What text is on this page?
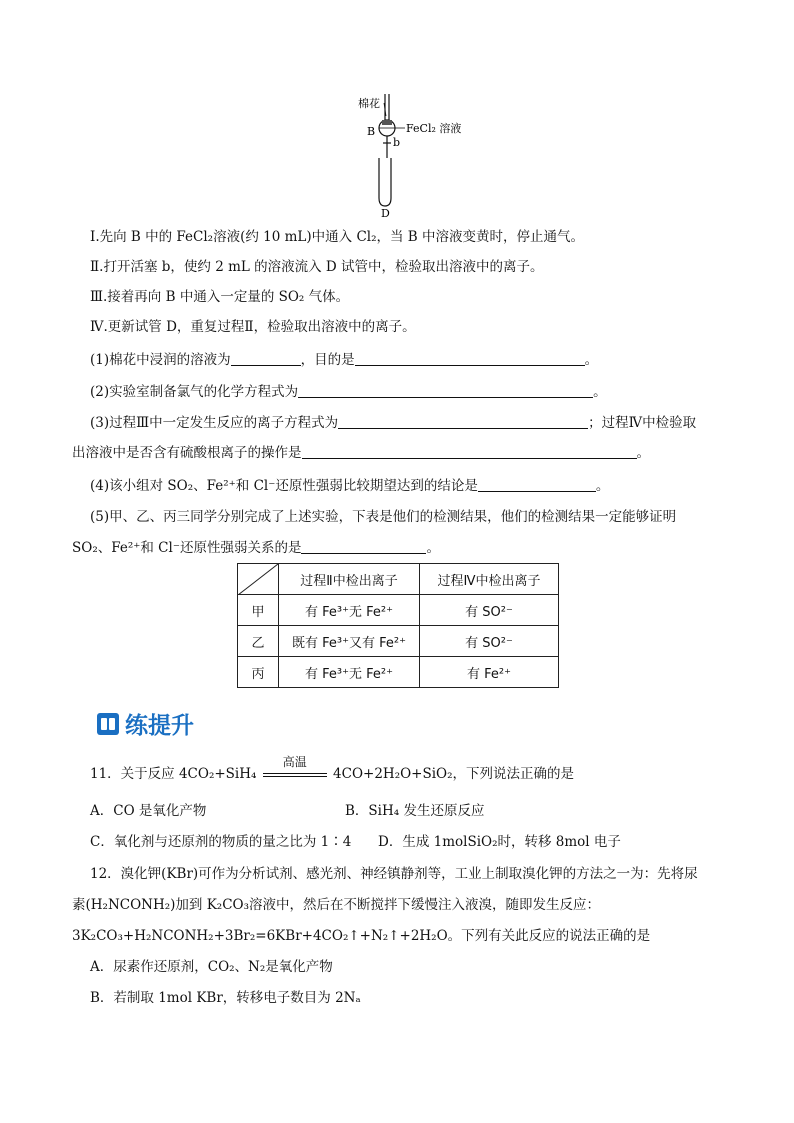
棉花
B	FeCl₂ 溶液
b
D
Ⅰ.先向 B 中的 FeCl₂溶液(约 10 mL)中通入 Cl₂，当 B 中溶液变黄时，停止通气。
Ⅱ.打开活塞 b，使约 2 mL 的溶液流入 D 试管中，检验取出溶液中的离子。
Ⅲ.接着再向 B 中通入一定量的 SO₂ 气体。
Ⅳ.更新试管 D，重复过程Ⅱ，检验取出溶液中的离子。
(1)棉花中浸润的溶液为	，目的是	。
(2)实验室制备氯气的化学方程式为	。
(3)过程Ⅲ中一定发生反应的离子方程式为	；过程Ⅳ中检验取
出溶液中是否含有硫酸根离子的操作是	。
(4)该小组对 SO₂、Fe²⁺和 Cl⁻还原性强弱比较期望达到的结论是	。
(5)甲、乙、丙三同学分别完成了上述实验，下表是他们的检测结果，他们的检测结果一定能够证明
SO₂、Fe²⁺和 Cl⁻还原性强弱关系的是	。
	过程Ⅱ中检出离子	过程Ⅳ中检出离子
甲	有 Fe³⁺无 Fe²⁺	有 SO²⁻
乙	既有 Fe³⁺又有 Fe²⁺	有 SO²⁻
丙	有 Fe³⁺无 Fe²⁺	有 Fe²⁺
练提升
11．关于反应 4CO₂+SiH₄
高温
4CO+2H₂O+SiO₂，下列说法正确的是
A．CO 是氧化产物	B．SiH₄ 发生还原反应
C．氧化剂与还原剂的物质的量之比为 1∶4 D．生成 1molSiO₂时，转移 8mol 电子
12．溴化钾(KBr)可作为分析试剂、感光剂、神经镇静剂等，工业上制取溴化钾的方法之一为：先将尿
素(H₂NCONH₂)加到 K₂CO₃溶液中，然后在不断搅拌下缓慢注入液溴，随即发生反应：
3K₂CO₃+H₂NCONH₂+3Br₂=6KBr+4CO₂↑+N₂↑+2H₂O。下列有关此反应的说法正确的是
A．尿素作还原剂，CO₂、N₂是氧化产物
B．若制取 1mol KBr，转移电子数目为 2Nₐ
